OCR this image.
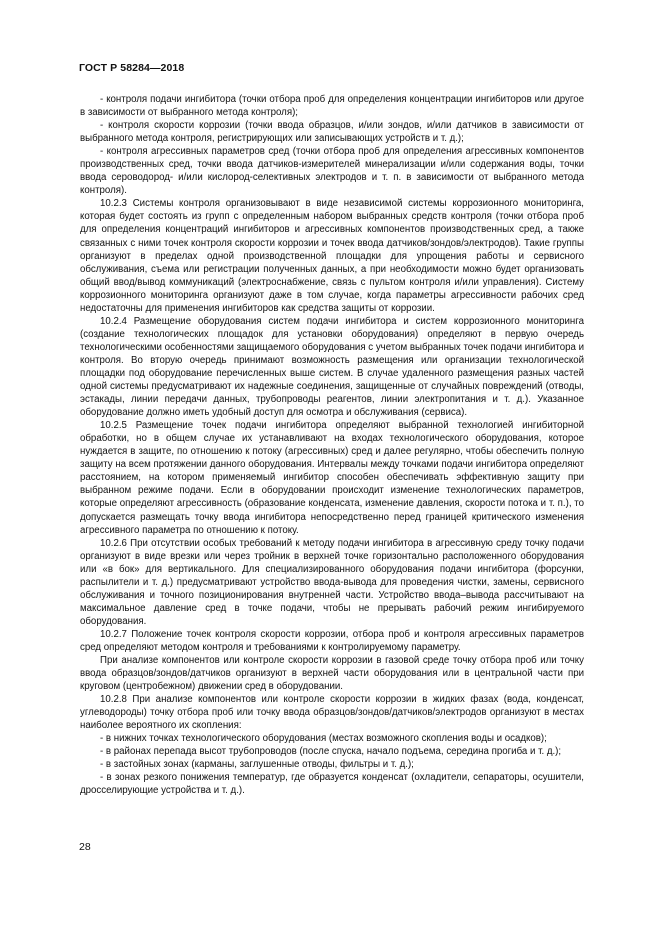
ГОСТ Р 58284—2018

- контроля подачи ингибитора (точки отбора проб для определения концентрации ингибиторов или другое в зависимости от выбранного метода контроля);

- контроля скорости коррозии (точки ввода образцов, и/или зондов, и/или датчиков в зависимости от выбранного метода контроля, регистрирующих или записывающих устройств и т. д.);

- контроля агрессивных параметров сред (точки отбора проб для определения агрессивных компонентов производственных сред, точки ввода датчиков-измерителей минерализации и/или содержания воды, точки ввода сероводород- и/или кислород-селективных электродов и т. п. в зависимости от выбранного метода контроля).

10.2.3 Системы контроля организовывают в виде независимой системы коррозионного мониторинга, которая будет состоять из групп с определенным набором выбранных средств контроля (точки отбора проб для определения концентраций ингибиторов и агрессивных компонентов производственных сред, а также связанных с ними точек контроля скорости коррозии и точек ввода датчиков/зондов/электродов). Такие группы организуют в пределах одной производственной площадки для упрощения работы и сервисного обслуживания, съема или регистрации полученных данных, а при необходимости можно будет организовать общий ввод/вывод коммуникаций (электроснабжение, связь с пультом контроля и/или управления). Систему коррозионного мониторинга организуют даже в том случае, когда параметры агрессивности рабочих сред недостаточны для применения ингибиторов как средства защиты от коррозии.

10.2.4 Размещение оборудования систем подачи ингибитора и систем коррозионного мониторинга (создание технологических площадок для установки оборудования) определяют в первую очередь технологическими особенностями защищаемого оборудования с учетом выбранных точек подачи ингибитора и контроля. Во вторую очередь принимают возможность размещения или организации технологической площадки под оборудование перечисленных выше систем. В случае удаленного размещения разных частей одной системы предусматривают их надежные соединения, защищенные от случайных повреждений (отводы, эстакады, линии передачи данных, трубопроводы реагентов, линии электропитания и т. д.). Указанное оборудование должно иметь удобный доступ для осмотра и обслуживания (сервиса).

10.2.5 Размещение точек подачи ингибитора определяют выбранной технологией ингибиторной обработки, но в общем случае их устанавливают на входах технологического оборудования, которое нуждается в защите, по отношению к потоку (агрессивных) сред и далее регулярно, чтобы обеспечить полную защиту на всем протяжении данного оборудования. Интервалы между точками подачи ингибитора определяют расстоянием, на котором применяемый ингибитор способен обеспечивать эффективную защиту при выбранном режиме подачи. Если в оборудовании происходит изменение технологических параметров, которые определяют агрессивность (образование конденсата, изменение давления, скорости потока и т. п.), то допускается размещать точку ввода ингибитора непосредственно перед границей критического изменения агрессивного параметра по отношению к потоку.

10.2.6 При отсутствии особых требований к методу подачи ингибитора в агрессивную среду точку подачи организуют в виде врезки или через тройник в верхней точке горизонтально расположенного оборудования или «в бок» для вертикального. Для специализированного оборудования подачи ингибитора (форсунки, распылители и т. д.) предусматривают устройство ввода-вывода для проведения чистки, замены, сервисного обслуживания и точного позиционирования внутренней части. Устройство ввода–вывода рассчитывают на максимальное давление сред в точке подачи, чтобы не прерывать рабочий режим ингибируемого оборудования.

10.2.7 Положение точек контроля скорости коррозии, отбора проб и контроля агрессивных параметров сред определяют методом контроля и требованиями к контролируемому параметру.

При анализе компонентов или контроле скорости коррозии в газовой среде точку отбора проб или точку ввода образцов/зондов/датчиков организуют в верхней части оборудования или в центральной части при круговом (центробежном) движении сред в оборудовании.

10.2.8 При анализе компонентов или контроле скорости коррозии в жидких фазах (вода, конденсат, углеводороды) точку отбора проб или точку ввода образцов/зондов/датчиков/электродов организуют в местах наиболее вероятного их скопления:

- в нижних точках технологического оборудования (местах возможного скопления воды и осадков);

- в районах перепада высот трубопроводов (после спуска, начало подъема, середина прогиба и т. д.);

- в застойных зонах (карманы, заглушенные отводы, фильтры и т. д.);

- в зонах резкого понижения температур, где образуется конденсат (охладители, сепараторы, осушители, дросселирующие устройства и т. д.).

28
